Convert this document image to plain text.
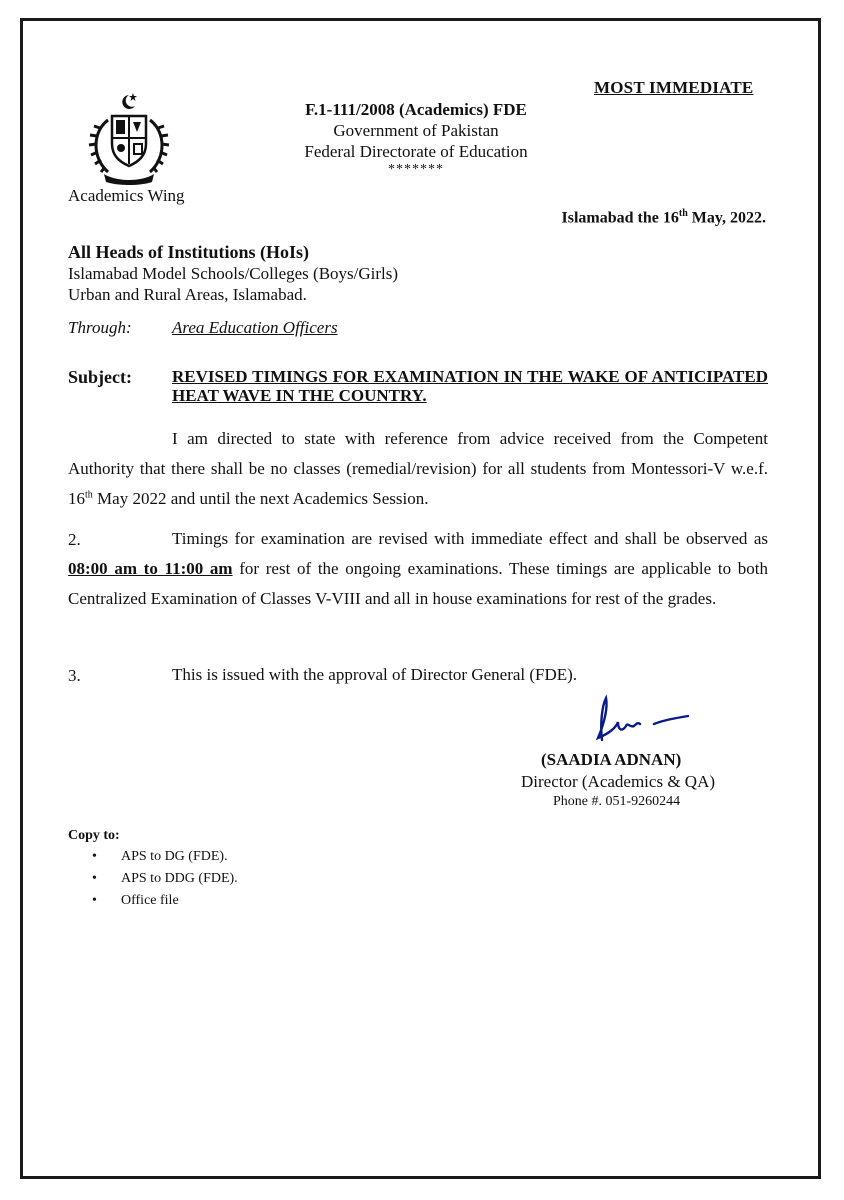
MOST IMMEDIATE
Academics Wing
F.1-111/2008 (Academics) FDE
Government of Pakistan
Federal Directorate of Education
*******
Islamabad the 16th May, 2022.
All Heads of Institutions (HoIs)
Islamabad Model Schools/Colleges (Boys/Girls)
Urban and Rural Areas, Islamabad.
Through: Area Education Officers
Subject: REVISED TIMINGS FOR EXAMINATION IN THE WAKE OF ANTICIPATED HEAT WAVE IN THE COUNTRY.
I am directed to state with reference from advice received from the Competent Authority that there shall be no classes (remedial/revision) for all students from Montessori-V w.e.f. 16th May 2022 and until the next Academics Session.
2.	Timings for examination are revised with immediate effect and shall be observed as 08:00 am to 11:00 am for rest of the ongoing examinations. These timings are applicable to both Centralized Examination of Classes V-VIII and all in house examinations for rest of the grades.
3.	This is issued with the approval of Director General (FDE).
(SAADIA ADNAN)
Director (Academics & QA)
Phone #. 051-9260244
Copy to:
• APS to DG (FDE).
• APS to DDG (FDE).
• Office file
